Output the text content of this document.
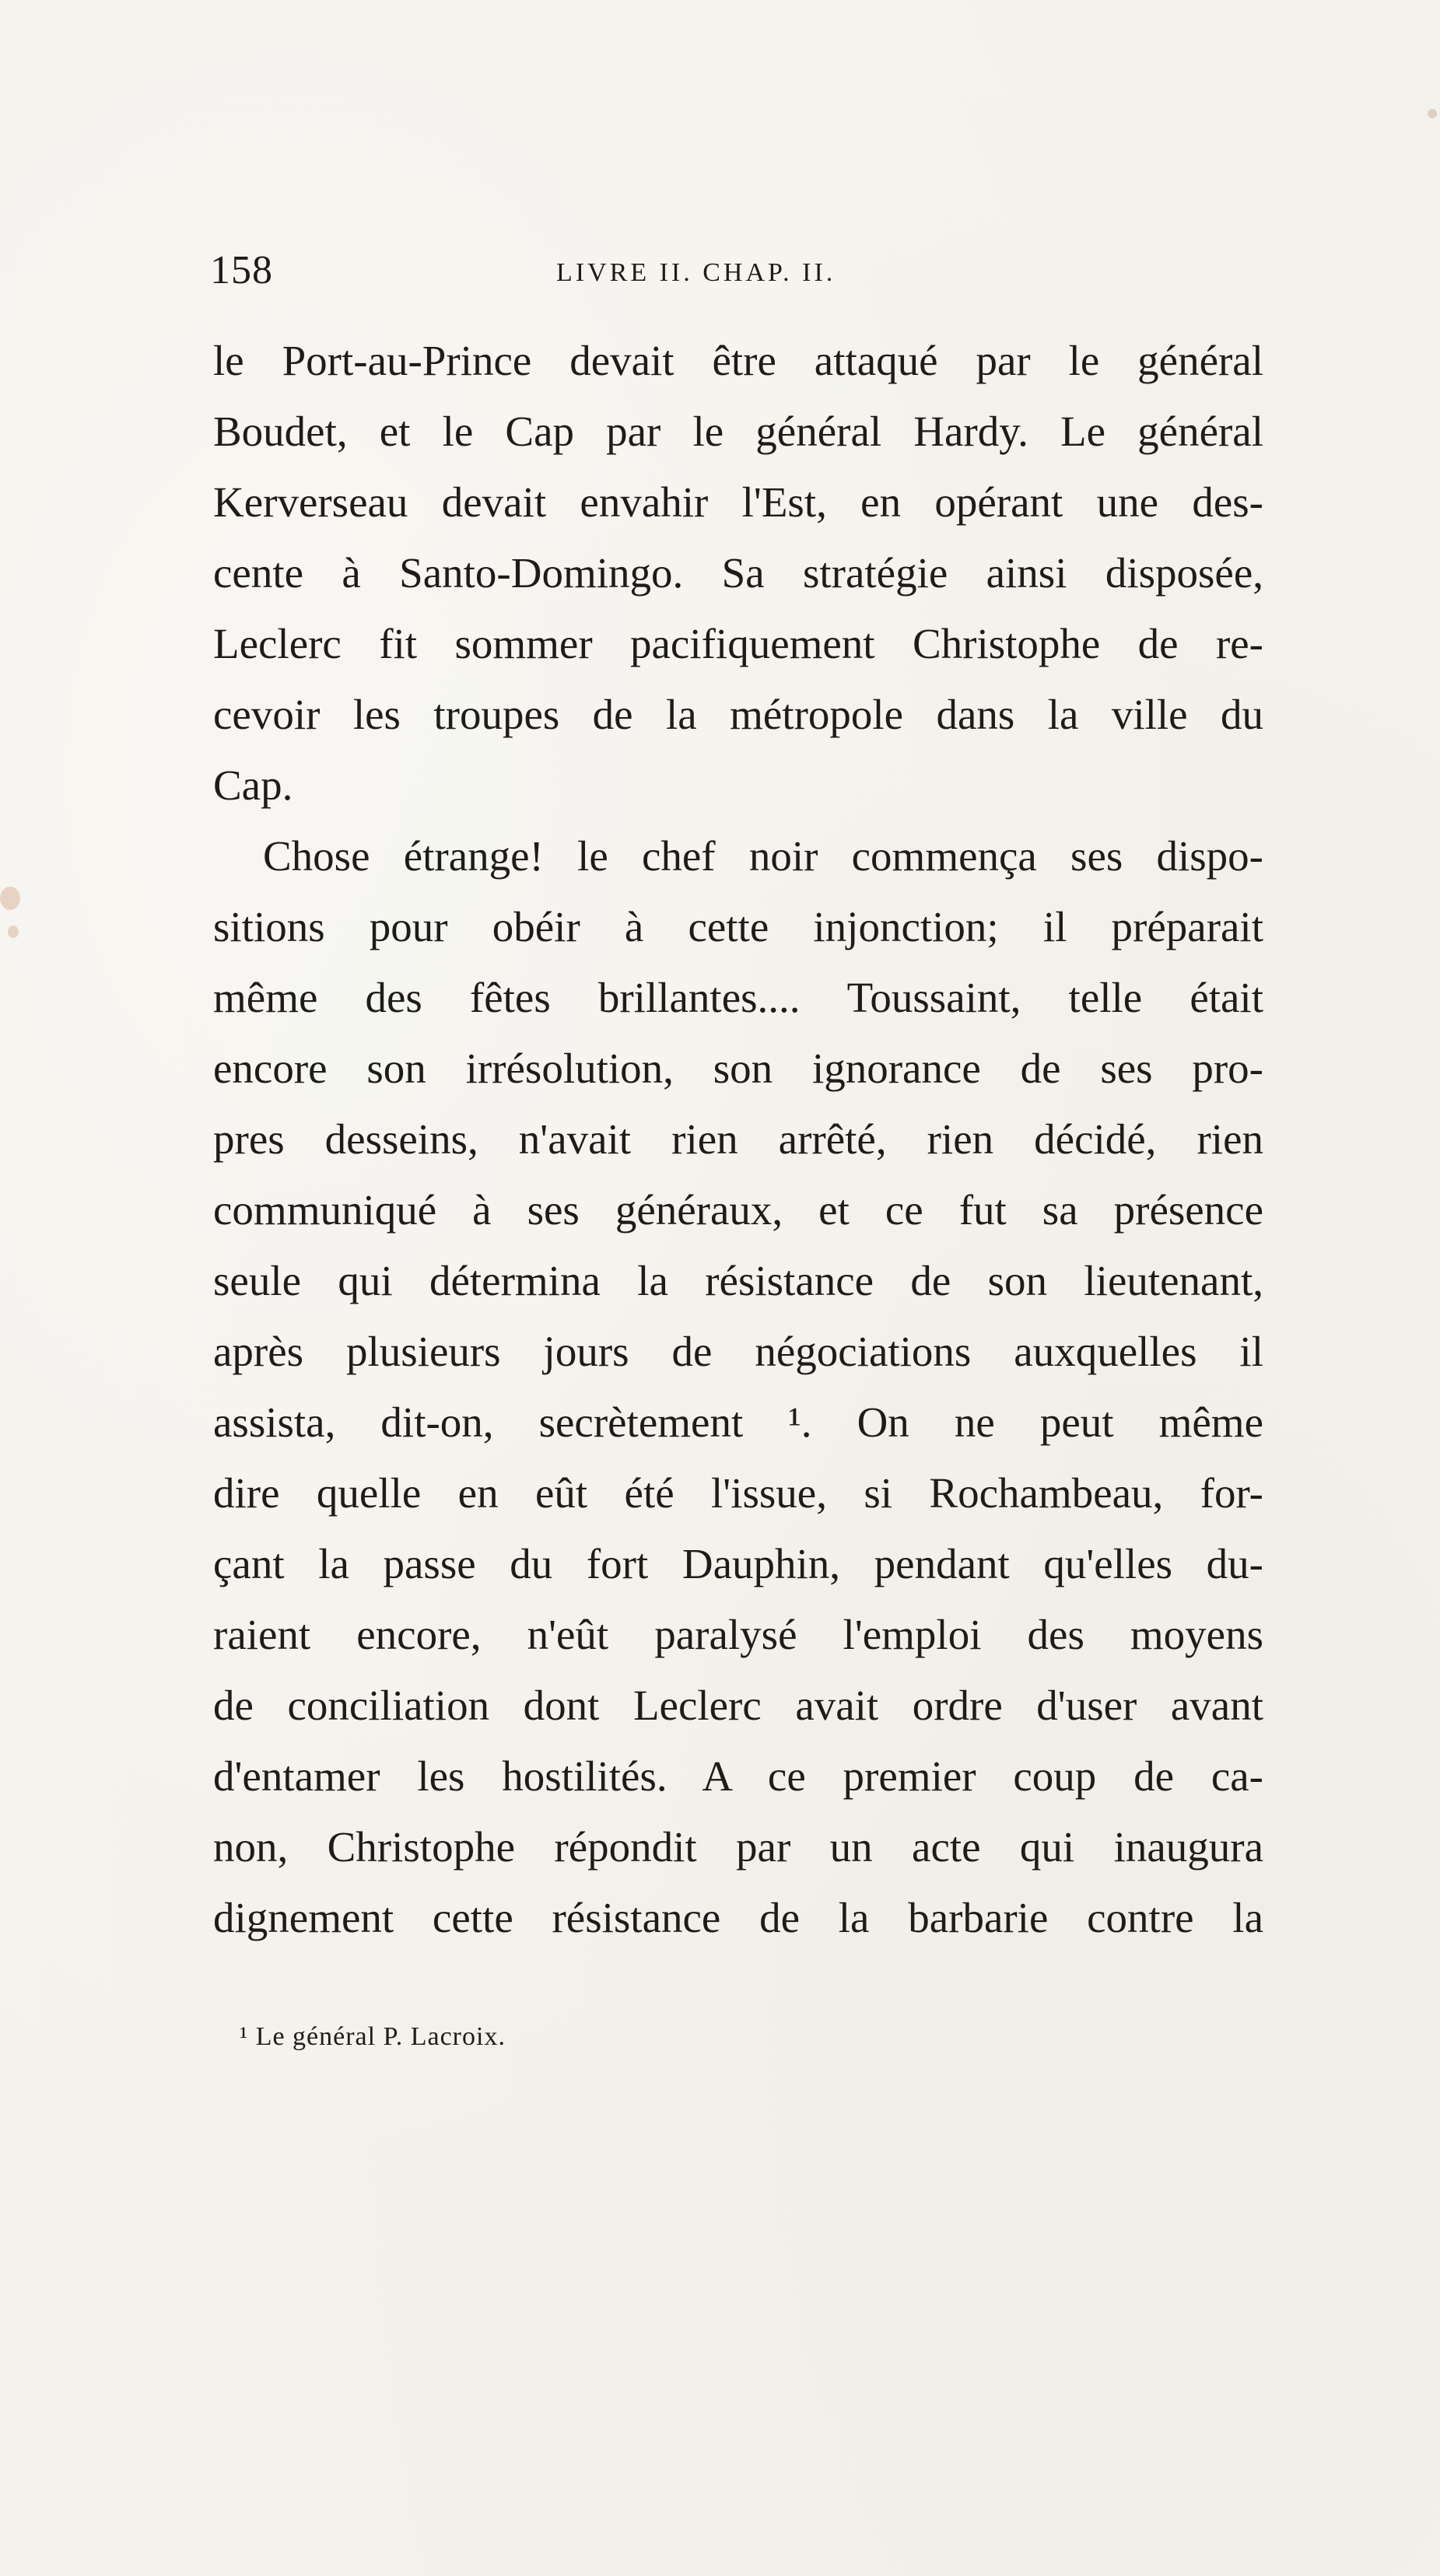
158	LIVRE II. CHAP. II.
le Port-au-Prince devait être attaqué par le général
Boudet, et le Cap par le général Hardy. Le général
Kerverseau devait envahir l'Est, en opérant une des-
cente à Santo-Domingo. Sa stratégie ainsi disposée,
Leclerc fit sommer pacifiquement Christophe de re-
cevoir les troupes de la métropole dans la ville du
Cap.
Chose étrange! le chef noir commença ses dispo-
sitions pour obéir à cette injonction; il préparait
même des fêtes brillantes.... Toussaint, telle était
encore son irrésolution, son ignorance de ses pro-
pres desseins, n'avait rien arrêté, rien décidé, rien
communiqué à ses généraux, et ce fut sa présence
seule qui détermina la résistance de son lieutenant,
après plusieurs jours de négociations auxquelles il
assista, dit-on, secrètement ¹. On ne peut même
dire quelle en eût été l'issue, si Rochambeau, for-
çant la passe du fort Dauphin, pendant qu'elles du-
raient encore, n'eût paralysé l'emploi des moyens
de conciliation dont Leclerc avait ordre d'user avant
d'entamer les hostilités. A ce premier coup de ca-
non, Christophe répondit par un acte qui inaugura
dignement cette résistance de la barbarie contre la
¹ Le général P. Lacroix.
